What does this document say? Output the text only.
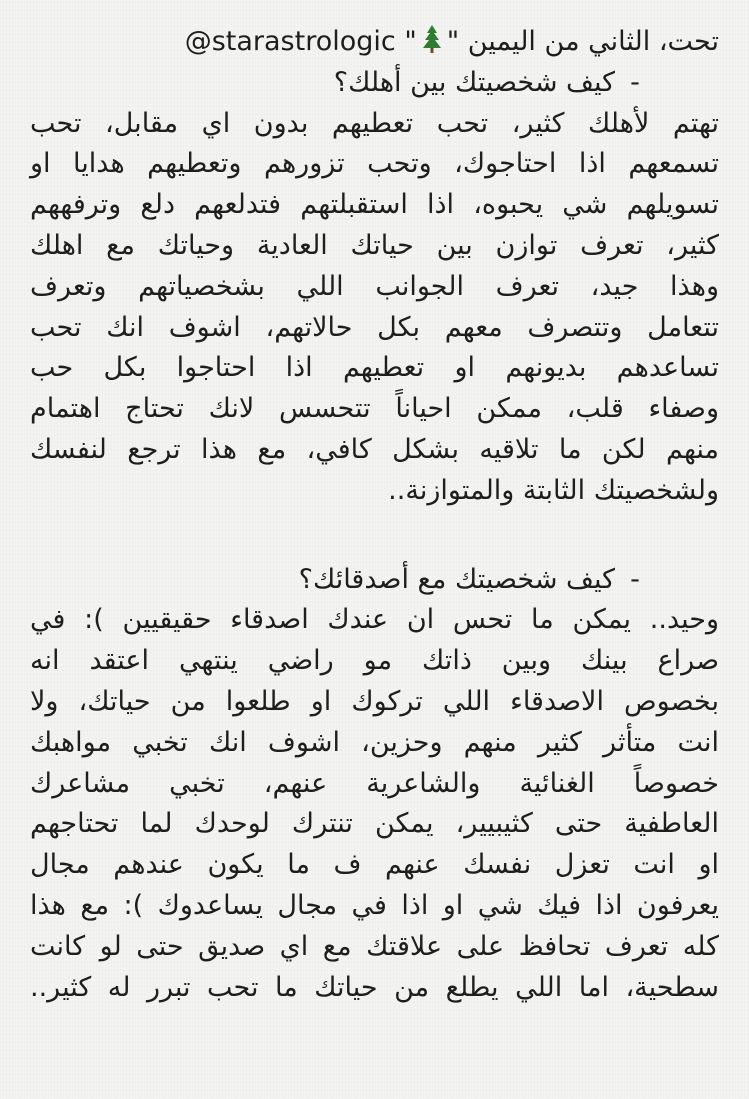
تحت، الثاني من اليمين "" @starastrologic
-كيف شخصيتك بين أهلك؟
تهتم لأهلك كثير، تحب تعطيهم بدون اي مقابل، تحب
تسمعهم اذا احتاجوك، وتحب تزورهم وتعطيهم هدايا او
تسويلهم شي يحبوه، اذا استقبلتهم فتدلعهم دلع وترفههم
كثير، تعرف توازن بين حياتك العادية وحياتك مع اهلك
وهذا جيد، تعرف الجوانب اللي بشخصياتهم وتعرف
تتعامل وتتصرف معهم بكل حالاتهم، اشوف انك تحب
تساعدهم بديونهم او تعطيهم اذا احتاجوا بكل حب
وصفاء قلب، ممكن احياناً تتحسس لانك تحتاج اهتمام
منهم لكن ما تلاقيه بشكل كافي، مع هذا ترجع لنفسك
ولشخصيتك الثابتة والمتوازنة..
-كيف شخصيتك مع أصدقائك؟
وحيد.. يمكن ما تحس ان عندك اصدقاء حقيقيين ): في
صراع بينك وبين ذاتك مو راضي ينتهي اعتقد انه
بخصوص الاصدقاء اللي تركوك او طلعوا من حياتك، ولا
انت متأثر كثير منهم وحزين، اشوف انك تخبي مواهبك
خصوصاً الغنائية والشاعرية عنهم، تخبي مشاعرك
العاطفية حتى كثيبيير، يمكن تنترك لوحدك لما تحتاجهم
او انت تعزل نفسك عنهم ف ما يكون عندهم مجال
يعرفون اذا فيك شي او اذا في مجال يساعدوك ): مع هذا
كله تعرف تحافظ على علاقتك مع اي صديق حتى لو كانت
سطحية، اما اللي يطلع من حياتك ما تحب تبرر له كثير..
